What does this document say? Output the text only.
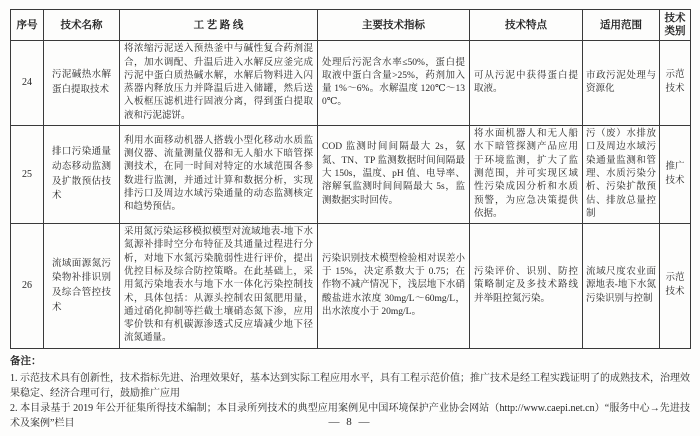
序号	技术名称	工 艺 路 线	主要技术指标	技术特点	适用范围	技术类别
24	污泥碱热水解蛋白提取技术	将浓缩污泥送入预热釜中与碱性复合药剂混合，加水调配、升温后进入水解反应釜完成污泥中蛋白质热碱水解，水解后物料进入闪蒸器内释放压力并降温后进入储罐，然后送入板框压滤机进行固液分离，得到蛋白提取液和污泥滤饼。	处理后污泥含水率≤50%，蛋白提取液中蛋白含量>25%，药剂加入量 1%～6%。水解温度 120℃～130℃。	可从污泥中获得蛋白提取液。	市政污泥处理与资源化	示范技术
25	排口污染通量动态移动监测及扩散预估技术	利用水面移动机器人搭载小型化移动水质监测仪器、流量测量仪器和无人船水下暗管探测技术，在同一时间对特定的水域范围各参数进行监测，并通过计算和数据分析，实现排污口及周边水域污染通量的动态监测核定和趋势预估。	COD 监测时间间隔最大 2s，氨氮、TN、TP 监测数据时间间隔最大 150s，温度、pH 值、电导率、溶解氧监测时间间隔最大 5s，监测数据实时回传。	将水面机器人和无人船水下暗管探测产品应用于环境监测，扩大了监测范围，并可实现区域性污染成因分析和水质预警，为应急决策提供依据。	污（废）水排放口及周边水域污染通量监测和管理、水质污染分析、污染扩散预估、排放总量控制	推广技术
26	流域面源氮污染物补排识别及综合管控技术	采用氮污染运移模拟模型对流域地表-地下水氮源补排时空分布特征及其通量过程进行分析，对地下水氮污染脆弱性进行评价，提出优控目标及综合防控策略。在此基础上，采用氮污染地表水与地下水一体化污染控制技术，具体包括：从源头控制农田氮肥用量，通过硝化抑制等拦截土壤硝态氮下渗，应用零价铁和有机碳源渗透式反应墙减少地下径流氮通量。	污染识别技术模型检验相对误差小于 15%，决定系数大于 0.75；在作物不减产情况下，浅层地下水硝酸盐进水浓度 30mg/L～60mg/L，出水浓度小于 20mg/L。	污染评价、识别、防控策略制定及多技术路线并举阻控氮污染。	流域尺度农业面源地表-地下水氮污染识别与控制	示范技术
备注：
1. 示范技术具有创新性，技术指标先进、治理效果好，基本达到实际工程应用水平，具有工程示范价值；推广技术是经工程实践证明了的成熟技术，治理效果稳定、经济合理可行，鼓励推广应用
2. 本目录基于 2019 年公开征集所得技术编制；本目录所列技术的典型应用案例见中国环境保护产业协会网站（http://www.caepi.net.cn）“服务中心→先进技术及案例”栏目	— 8 —
